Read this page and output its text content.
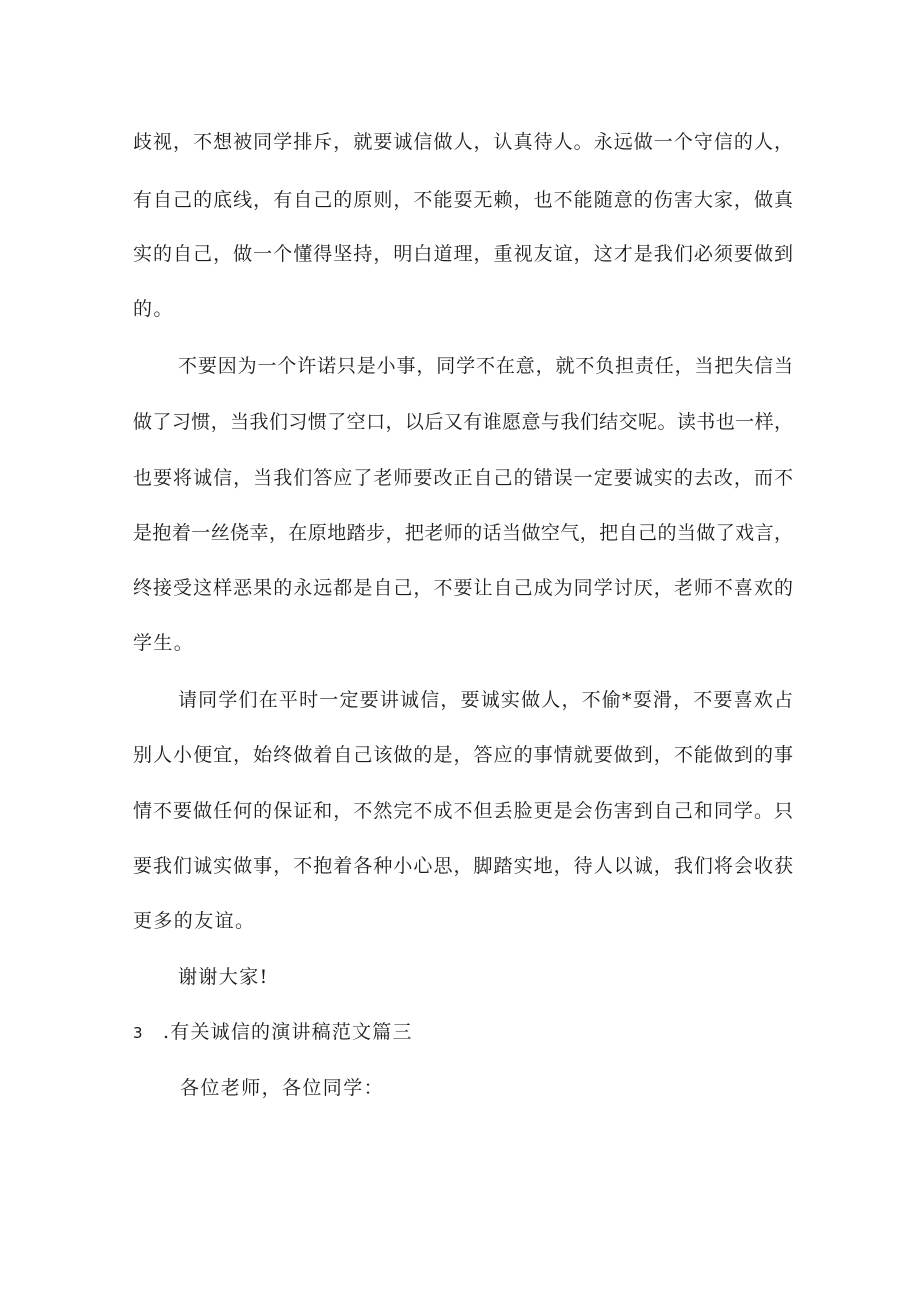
歧视，不想被同学排斥，就要诚信做人，认真待人。永远做一个守信的人，
有自己的底线，有自己的原则，不能耍无赖，也不能随意的伤害大家，做真
实的自己，做一个懂得坚持，明白道理，重视友谊，这才是我们必须要做到
的。
不要因为一个许诺只是小事，同学不在意，就不负担责任，当把失信当
做了习惯，当我们习惯了空口，以后又有谁愿意与我们结交呢。读书也一样，
也要将诚信，当我们答应了老师要改正自己的错误一定要诚实的去改，而不
是抱着一丝侥幸，在原地踏步，把老师的话当做空气，把自己的当做了戏言，
终接受这样恶果的永远都是自己，不要让自己成为同学讨厌，老师不喜欢的
学生。
请同学们在平时一定要讲诚信，要诚实做人，不偷*耍滑，不要喜欢占
别人小便宜，始终做着自己该做的是，答应的事情就要做到，不能做到的事
情不要做任何的保证和，不然完不成不但丢脸更是会伤害到自己和同学。只
要我们诚实做事，不抱着各种小心思，脚踏实地，待人以诚，我们将会收获
更多的友谊。
谢谢大家!
3 .有关诚信的演讲稿范文篇三
各位老师，各位同学：
